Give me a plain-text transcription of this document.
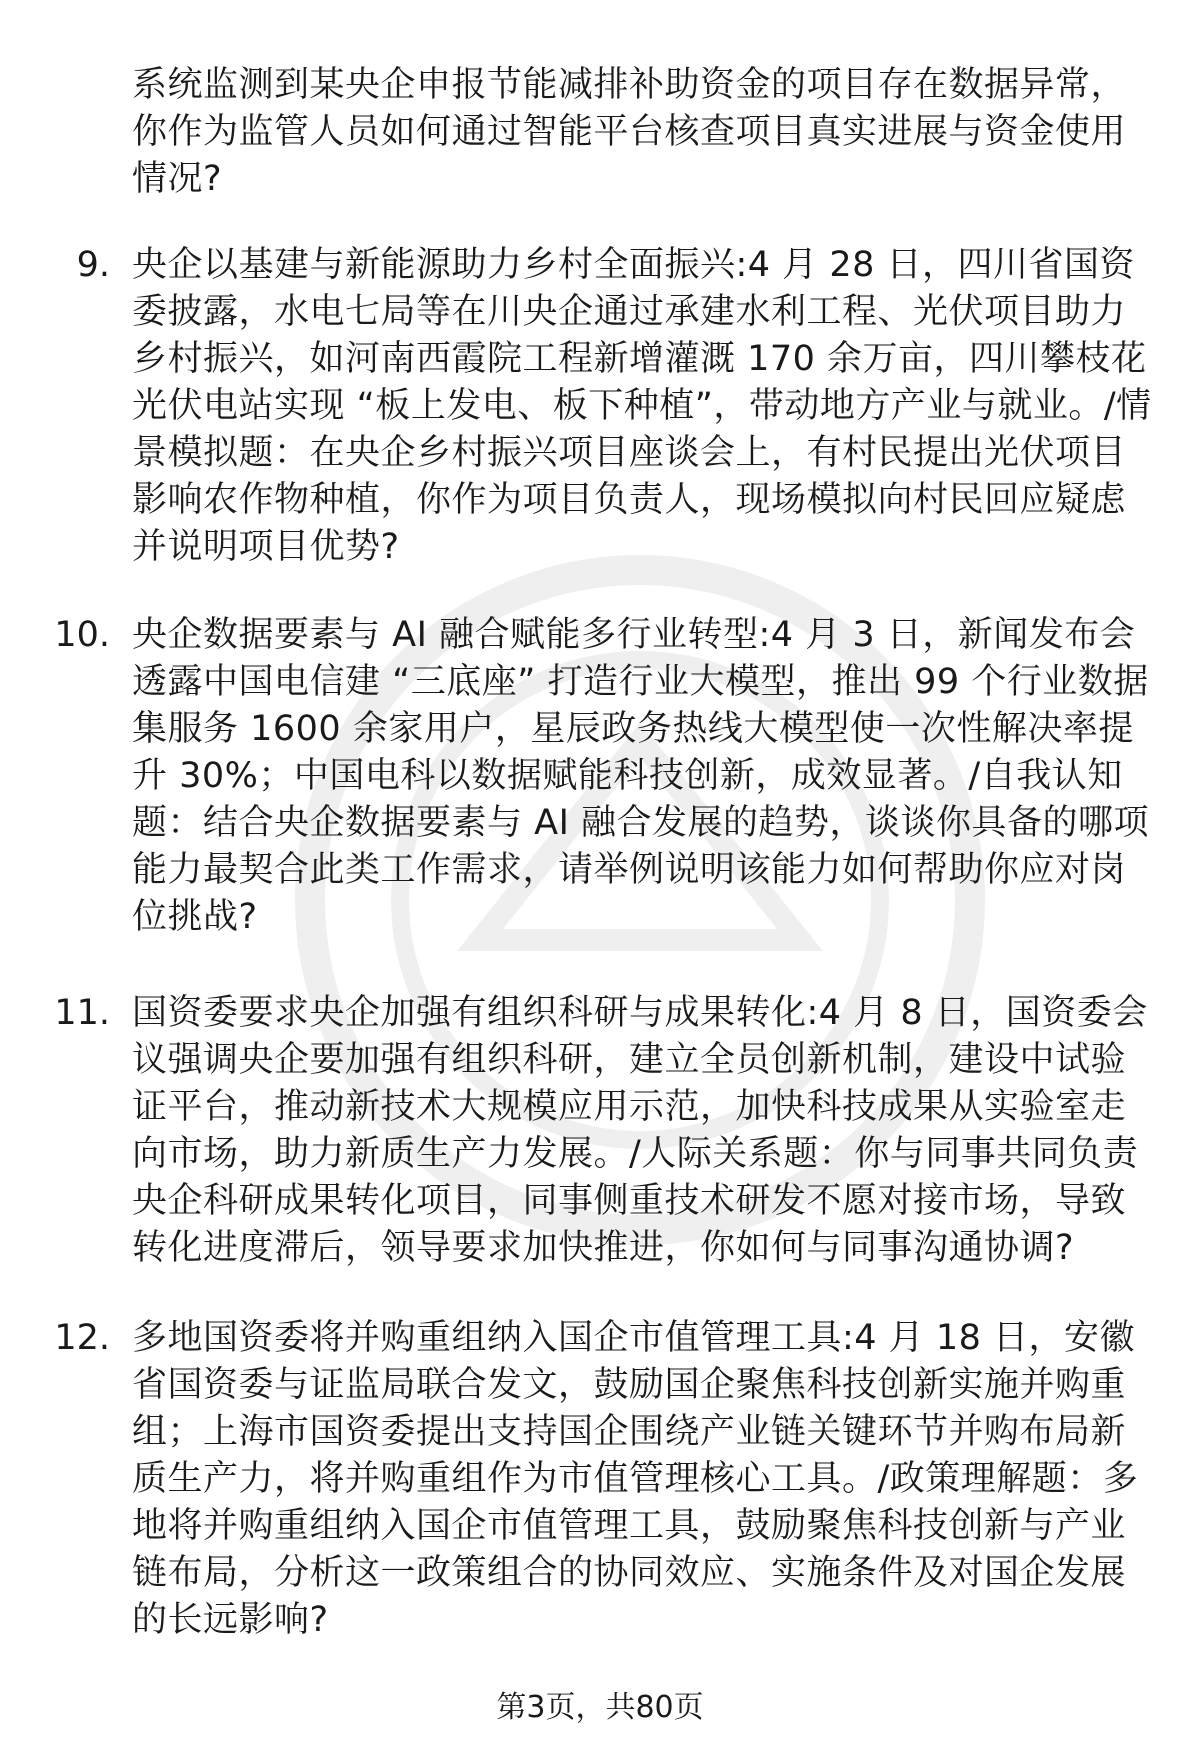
系统监测到某央企申报节能减排补助资金的项目存在数据异常，你作为监管人员如何通过智能平台核查项目真实进展与资金使用情况?
9. 央企以基建与新能源助力乡村全面振兴:4 月 28 日，四川省国资委披露，水电七局等在川央企通过承建水利工程、光伏项目助力乡村振兴，如河南西霞院工程新增灌溉 170 余万亩，四川攀枝花光伏电站实现 “板上发电、板下种植”，带动地方产业与就业。/情景模拟题：在央企乡村振兴项目座谈会上，有村民提出光伏项目影响农作物种植，你作为项目负责人，现场模拟向村民回应疑虑并说明项目优势?
10. 央企数据要素与 AI 融合赋能多行业转型:4 月 3 日，新闻发布会透露中国电信建 “三底座” 打造行业大模型，推出 99 个行业数据集服务 1600 余家用户，星辰政务热线大模型使一次性解决率提升 30%；中国电科以数据赋能科技创新，成效显著。/自我认知题：结合央企数据要素与 AI 融合发展的趋势，谈谈你具备的哪项能力最契合此类工作需求，请举例说明该能力如何帮助你应对岗位挑战?
11. 国资委要求央企加强有组织科研与成果转化:4 月 8 日，国资委会议强调央企要加强有组织科研，建立全员创新机制，建设中试验证平台，推动新技术大规模应用示范，加快科技成果从实验室走向市场，助力新质生产力发展。/人际关系题：你与同事共同负责央企科研成果转化项目，同事侧重技术研发不愿对接市场，导致转化进度滞后，领导要求加快推进，你如何与同事沟通协调?
12. 多地国资委将并购重组纳入国企市值管理工具:4 月 18 日，安徽省国资委与证监局联合发文，鼓励国企聚焦科技创新实施并购重组；上海市国资委提出支持国企围绕产业链关键环节并购布局新质生产力，将并购重组作为市值管理核心工具。/政策理解题：多地将并购重组纳入国企市值管理工具，鼓励聚焦科技创新与产业链布局，分析这一政策组合的协同效应、实施条件及对国企发展的长远影响?
第3页，共80页
